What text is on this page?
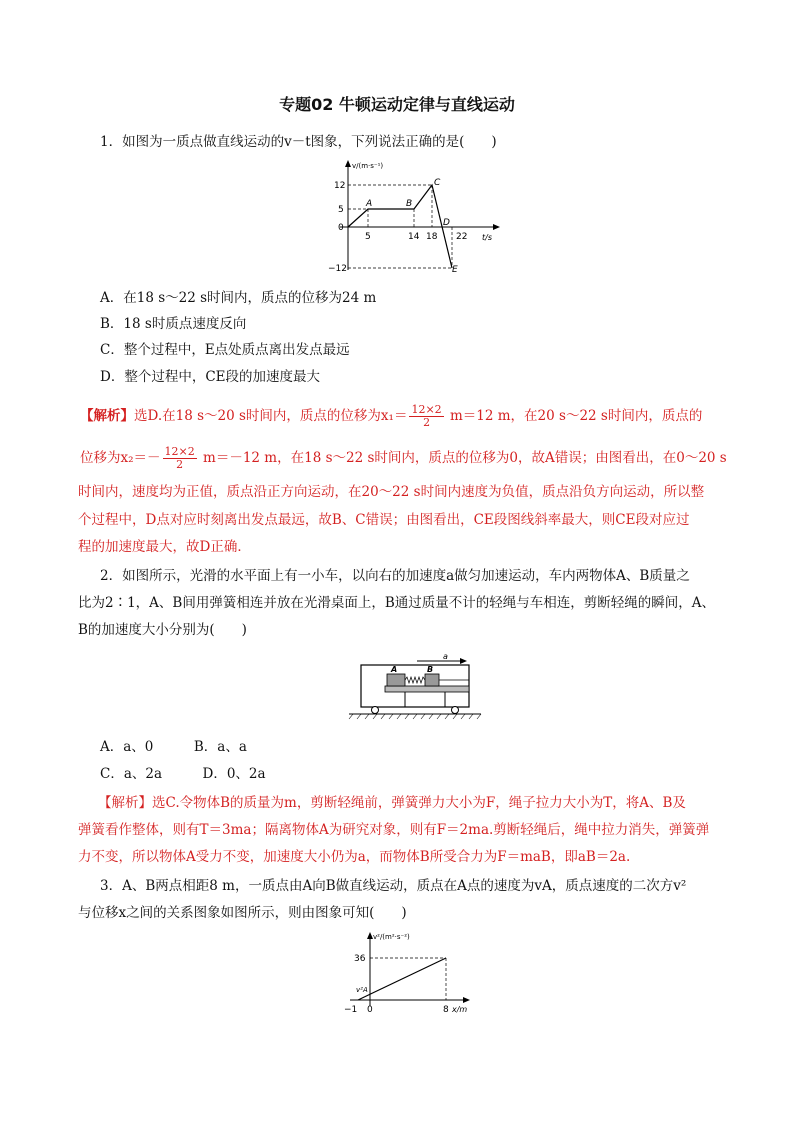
专题02 牛顿运动定律与直线运动
1．如图为一质点做直线运动的v－t图象，下列说法正确的是(　　)
v/(m·s⁻¹)
t/s
12
5
0
−12
5	14 18 22
A	B
C
D
E
A．在18 s～22 s时间内，质点的位移为24 m
B．18 s时质点速度反向
C．整个过程中，E点处质点离出发点最远
D．整个过程中，CE段的加速度最大
【解析】选D.在18 s～20 s时间内，质点的位移为$x_1= \frac{12\times 2}{2} m=12$ m，在20 s～22 s时间内，质点的
位移为$x_2=- \frac{12\times 2}{2} m=-12$ m，在18 s～22 s时间内，质点的位移为0，故A错误；由图看出，在0～20 s
时间内，速度均为正值，质点沿正方向运动，在20～22 s时间内速度为负值，质点沿负方向运动，所以整
个过程中，D点对应时刻离出发点最远，故B、C错误；由图看出，CE段图线斜率最大，则CE段对应过
程的加速度最大，故D正确．
2．如图所示，光滑的水平面上有一小车，以向右的加速度a做匀加速运动，车内两物体A、B质量之
比为2∶1，A、B间用弹簧相连并放在光滑桌面上，B通过质量不计的轻绳与车相连，剪断轻绳的瞬间，A、
B的加速度大小分别为(　　)
a
A	B
A．a、0　　　B．a、a
C．a、2a　　　D．0、2a
【解析】选C.令物体B的质量为m，剪断轻绳前，弹簧弹力大小为F，绳子拉力大小为T，将A、B及
弹簧看作整体，则有T＝3ma；隔离物体A为研究对象，则有F＝2ma.剪断轻绳后，绳中拉力消失，弹簧弹
力不变，所以物体A受力不变，加速度大小仍为a，而物体B所受合力为F＝maB，即aB＝2a.
3．A、B两点相距8 m，一质点由A向B做直线运动，质点在A点的速度为vA，质点速度的二次方v²
与位移x之间的关系图象如图所示，则由图象可知(　　)
v²/(m²·s⁻²)
36
v²A
−1 0	8 x/m
